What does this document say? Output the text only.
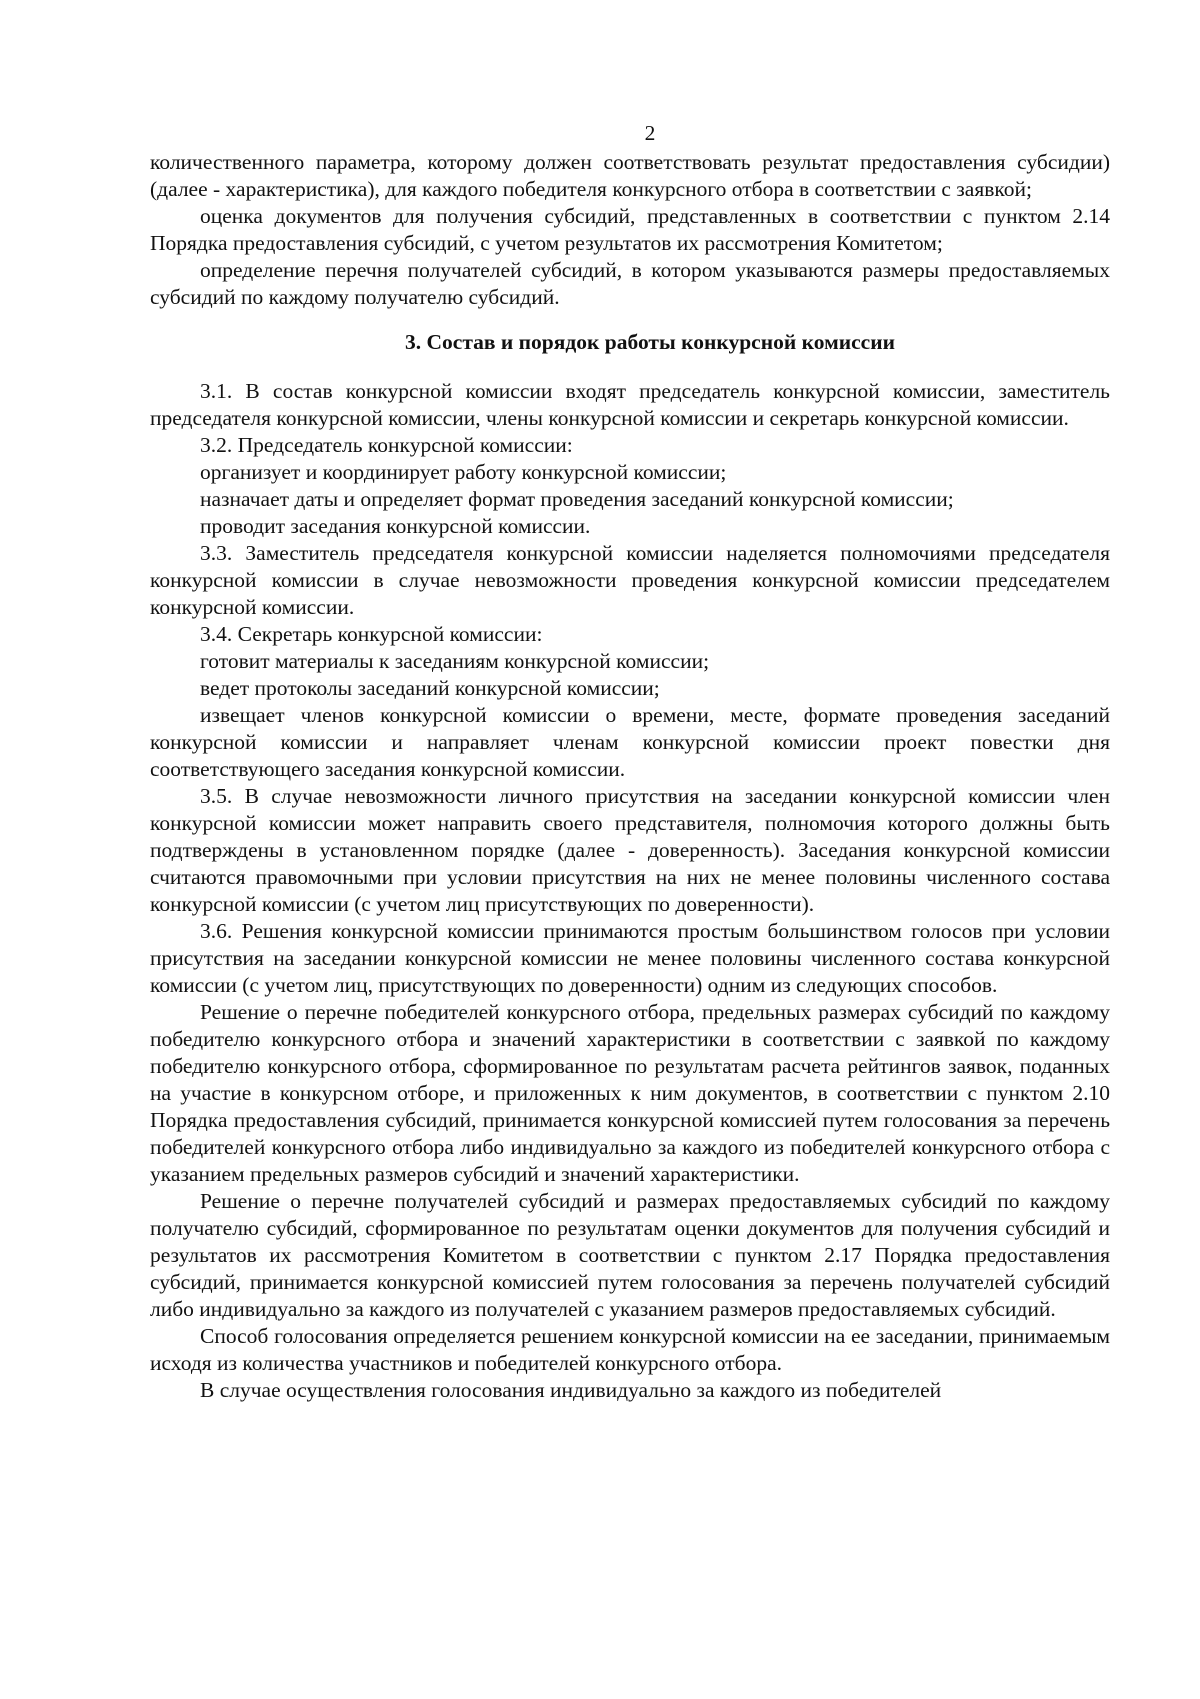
2

количественного параметра, которому должен соответствовать результат предоставления субсидии) (далее - характеристика), для каждого победителя конкурсного отбора в соответствии с заявкой;

оценка документов для получения субсидий, представленных в соответствии с пунктом 2.14 Порядка предоставления субсидий, с учетом результатов их рассмотрения Комитетом;

определение перечня получателей субсидий, в котором указываются размеры предоставляемых субсидий по каждому получателю субсидий.

3. Состав и порядок работы конкурсной комиссии

3.1. В состав конкурсной комиссии входят председатель конкурсной комиссии, заместитель председателя конкурсной комиссии, члены конкурсной комиссии и секретарь конкурсной комиссии.

3.2. Председатель конкурсной комиссии:

организует и координирует работу конкурсной комиссии;

назначает даты и определяет формат проведения заседаний конкурсной комиссии;

проводит заседания конкурсной комиссии.

3.3. Заместитель председателя конкурсной комиссии наделяется полномочиями председателя конкурсной комиссии в случае невозможности проведения конкурсной комиссии председателем конкурсной комиссии.

3.4. Секретарь конкурсной комиссии:

готовит материалы к заседаниям конкурсной комиссии;

ведет протоколы заседаний конкурсной комиссии;

извещает членов конкурсной комиссии о времени, месте, формате проведения заседаний конкурсной комиссии и направляет членам конкурсной комиссии проект повестки дня соответствующего заседания конкурсной комиссии.

3.5. В случае невозможности личного присутствия на заседании конкурсной комиссии член конкурсной комиссии может направить своего представителя, полномочия которого должны быть подтверждены в установленном порядке (далее - доверенность). Заседания конкурсной комиссии считаются правомочными при условии присутствия на них не менее половины численного состава конкурсной комиссии (с учетом лиц присутствующих по доверенности).

3.6. Решения конкурсной комиссии принимаются простым большинством голосов при условии присутствия на заседании конкурсной комиссии не менее половины численного состава конкурсной комиссии (с учетом лиц, присутствующих по доверенности) одним из следующих способов.

Решение о перечне победителей конкурсного отбора, предельных размерах субсидий по каждому победителю конкурсного отбора и значений характеристики в соответствии с заявкой по каждому победителю конкурсного отбора, сформированное по результатам расчета рейтингов заявок, поданных на участие в конкурсном отборе, и приложенных к ним документов, в соответствии с пунктом 2.10 Порядка предоставления субсидий, принимается конкурсной комиссией путем голосования за перечень победителей конкурсного отбора либо индивидуально за каждого из победителей конкурсного отбора с указанием предельных размеров субсидий и значений характеристики.

Решение о перечне получателей субсидий и размерах предоставляемых субсидий по каждому получателю субсидий, сформированное по результатам оценки документов для получения субсидий и результатов их рассмотрения Комитетом в соответствии с пунктом 2.17 Порядка предоставления субсидий, принимается конкурсной комиссией путем голосования за перечень получателей субсидий либо индивидуально за каждого из получателей с указанием размеров предоставляемых субсидий.

Способ голосования определяется решением конкурсной комиссии на ее заседании, принимаемым исходя из количества участников и победителей конкурсного отбора.

В случае осуществления голосования индивидуально за каждого из победителей
